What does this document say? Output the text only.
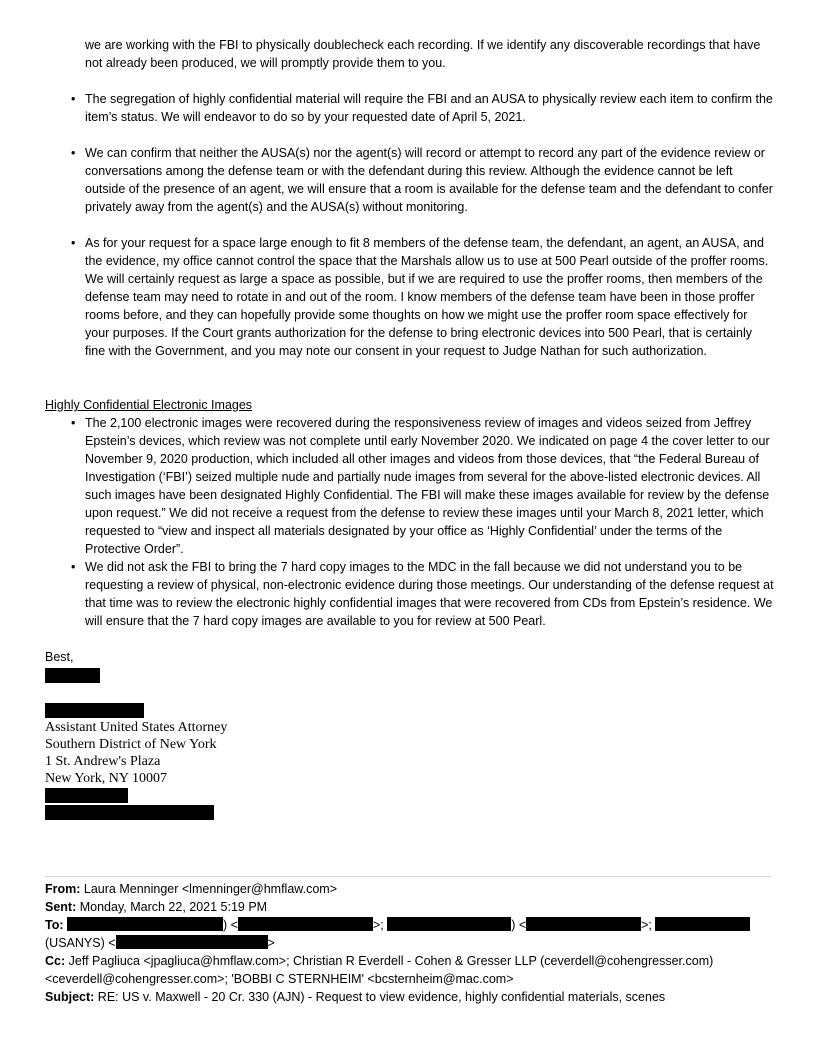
we are working with the FBI to physically doublecheck each recording. If we identify any discoverable recordings that have not already been produced, we will promptly provide them to you.

• The segregation of highly confidential material will require the FBI and an AUSA to physically review each item to confirm the item’s status. We will endeavor to do so by your requested date of April 5, 2021.
• We can confirm that neither the AUSA(s) nor the agent(s) will record or attempt to record any part of the evidence review or conversations among the defense team or with the defendant during this review. Although the evidence cannot be left outside of the presence of an agent, we will ensure that a room is available for the defense team and the defendant to confer privately away from the agent(s) and the AUSA(s) without monitoring.
• As for your request for a space large enough to fit 8 members of the defense team, the defendant, an agent, an AUSA, and the evidence, my office cannot control the space that the Marshals allow us to use at 500 Pearl outside of the proffer rooms. We will certainly request as large a space as possible, but if we are required to use the proffer rooms, then members of the defense team may need to rotate in and out of the room. I know members of the defense team have been in those proffer rooms before, and they can hopefully provide some thoughts on how we might use the proffer room space effectively for your purposes. If the Court grants authorization for the defense to bring electronic devices into 500 Pearl, that is certainly fine with the Government, and you may note our consent in your request to Judge Nathan for such authorization.

Highly Confidential Electronic Images

• The 2,100 electronic images were recovered during the responsiveness review of images and videos seized from Jeffrey Epstein’s devices, which review was not complete until early November 2020. We indicated on page 4 the cover letter to our November 9, 2020 production, which included all other images and videos from those devices, that “the Federal Bureau of Investigation (‘FBI’) seized multiple nude and partially nude images from several for the above-listed electronic devices. All such images have been designated Highly Confidential. The FBI will make these images available for review by the defense upon request.” We did not receive a request from the defense to review these images until your March 8, 2021 letter, which requested to “view and inspect all materials designated by your office as ‘Highly Confidential’ under the terms of the Protective Order”.
• We did not ask the FBI to bring the 7 hard copy images to the MDC in the fall because we did not understand you to be requesting a review of physical, non-electronic evidence during those meetings. Our understanding of the defense request at that time was to review the electronic highly confidential images that were recovered from CDs from Epstein’s residence. We will ensure that the 7 hard copy images are available to you for review at 500 Pearl.

Best,

Assistant United States Attorney
Southern District of New York
1 St. Andrew's Plaza
New York, NY 10007
From: Laura Menninger <lmenninger@hmflaw.com>
Sent: Monday, March 22, 2021 5:19 PM
To:	) <	>;	) <	>;
(USANYS) <	>
Cc: Jeff Pagliuca <jpagliuca@hmflaw.com>; Christian R Everdell - Cohen & Gresser LLP (ceverdell@cohengresser.com)
<ceverdell@cohengresser.com>; 'BOBBI C STERNHEIM' <bcsternheim@mac.com>
Subject: RE: US v. Maxwell - 20 Cr. 330 (AJN) - Request to view evidence, highly confidential materials, scenes
